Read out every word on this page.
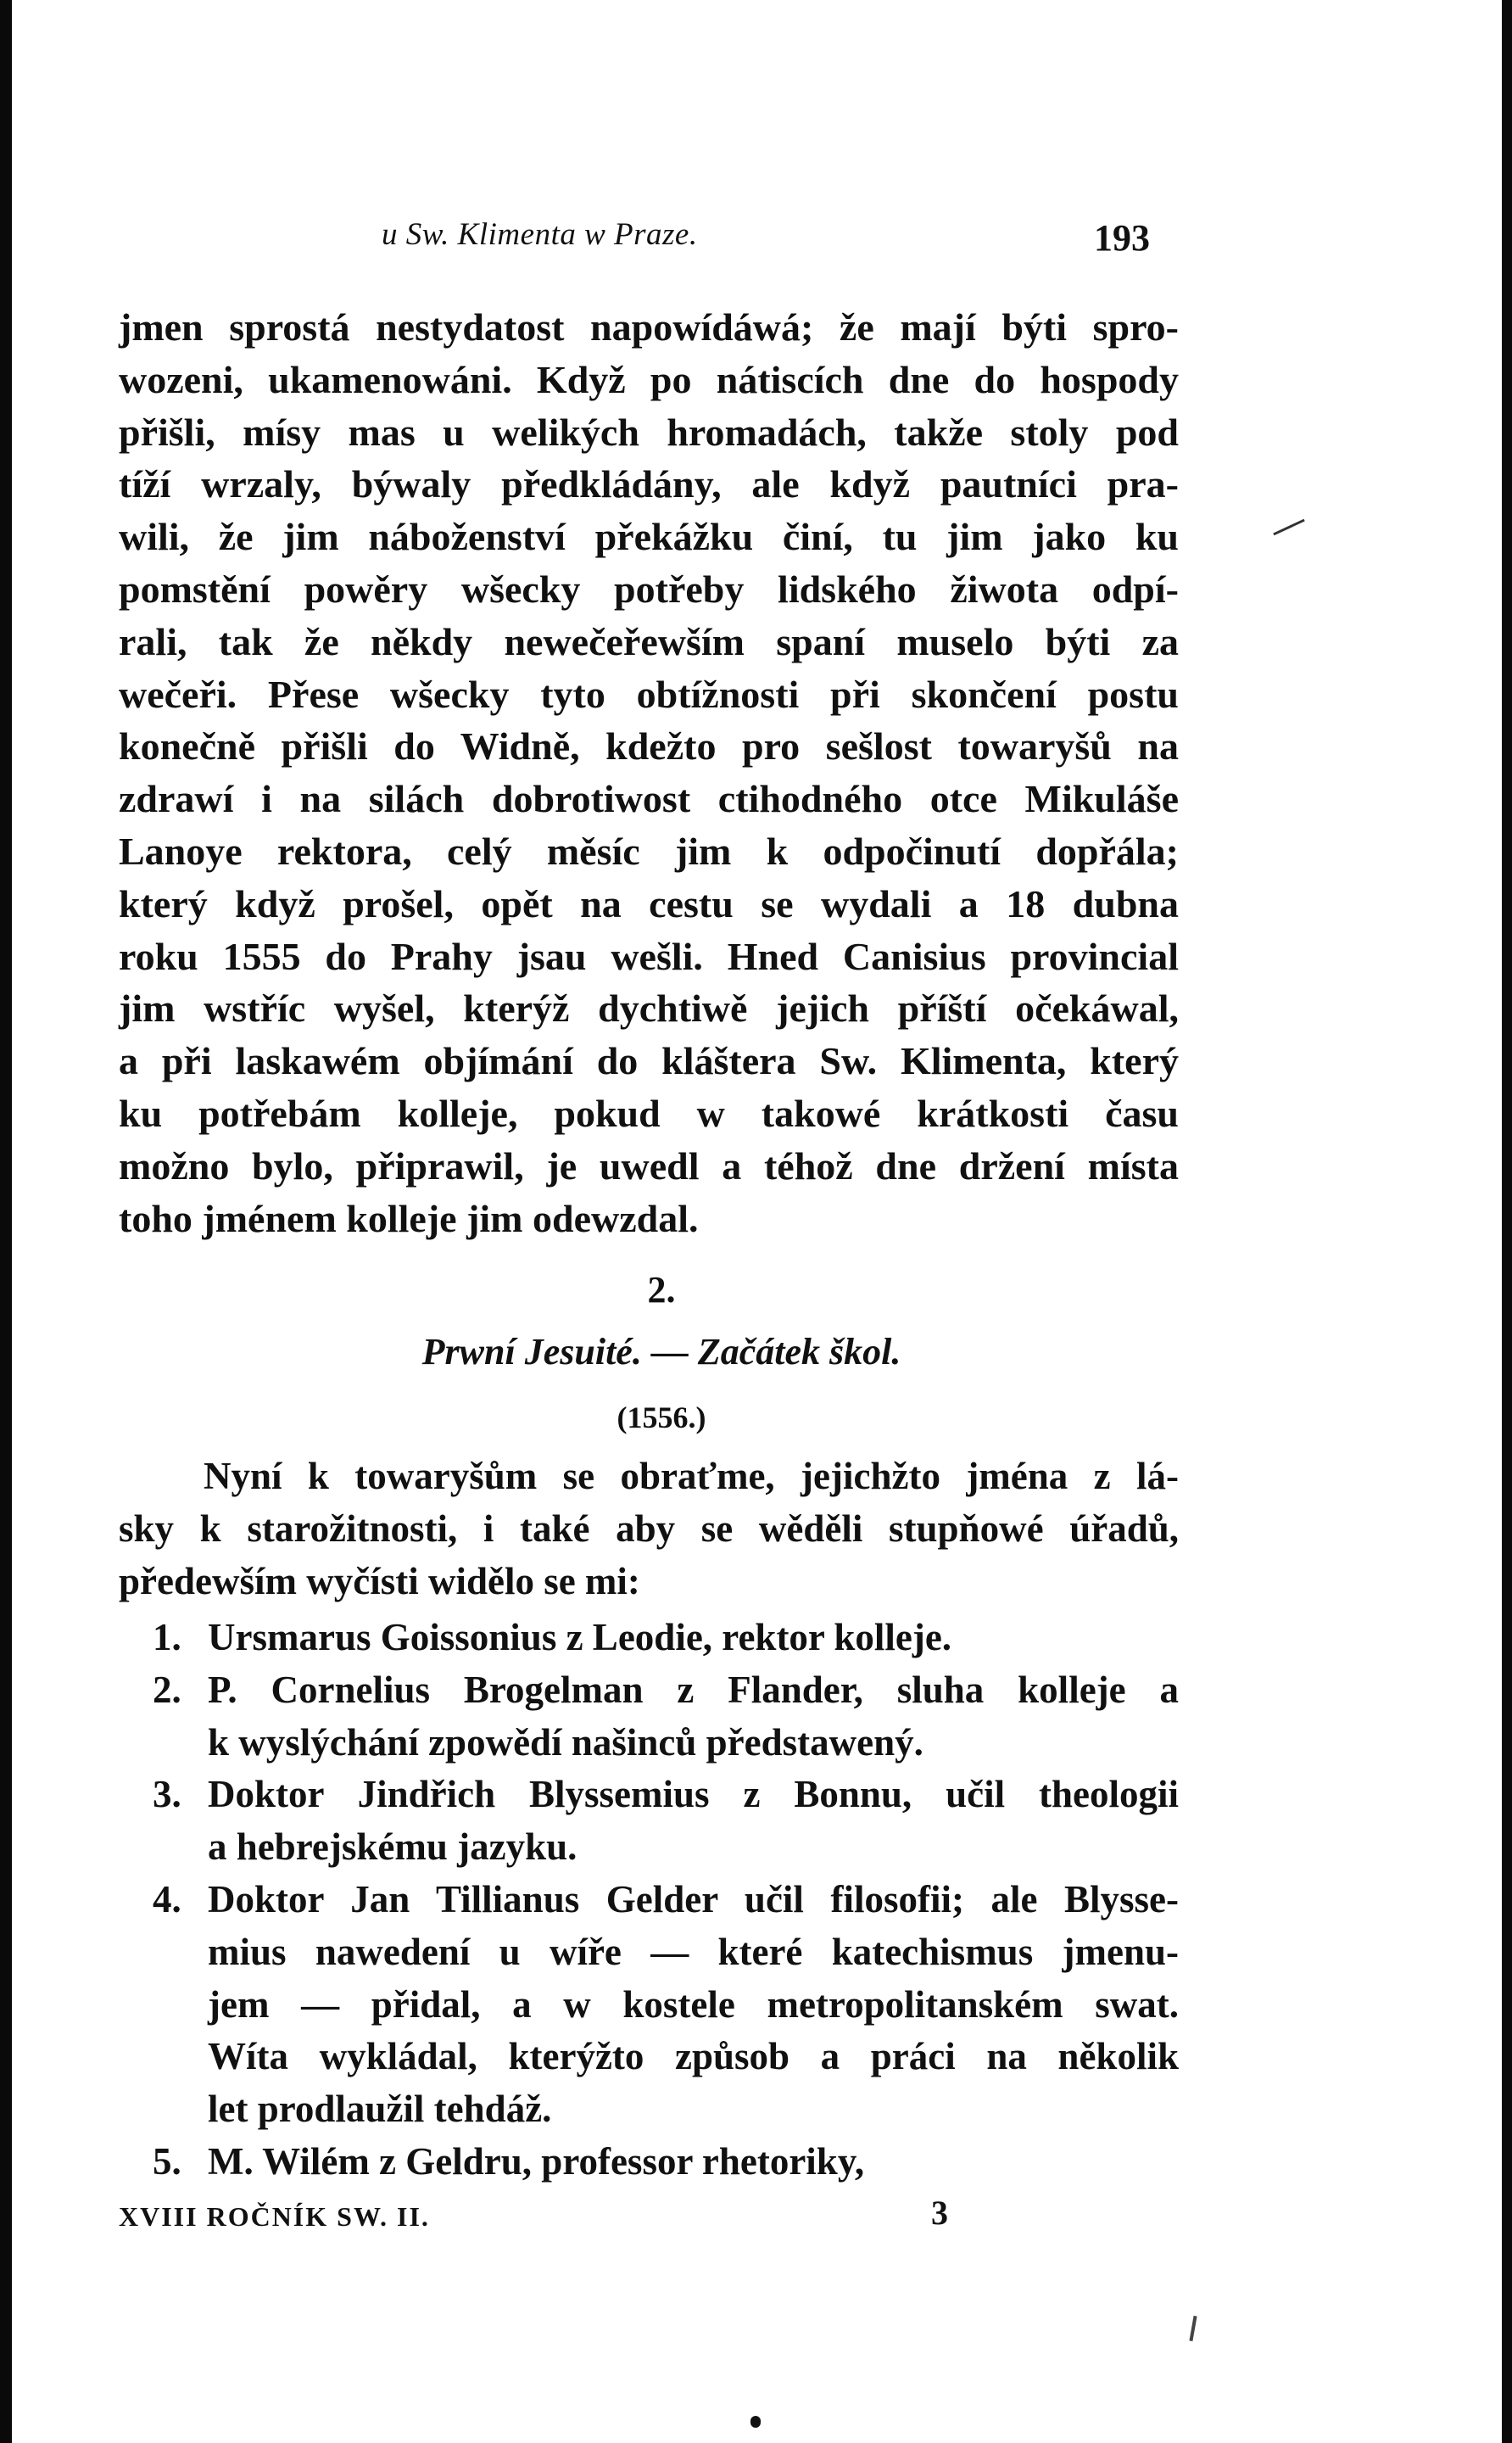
u Sw. Klimenta w Praze.	193
jmen sprostá nestydatost napowídáwá; že mají býti spro-
wozeni, ukamenowáni. Když po nátiscích dne do hospody
přišli, mísy mas u welikých hromadách, takže stoly pod
tíží wrzaly, býwaly předkládány, ale když pautníci pra-
wili, že jim náboženství překážku činí, tu jim jako ku
pomstění powěry wšecky potřeby lidského žiwota odpí-
rali, tak že někdy newečeřewším spaní muselo býti za
wečeři. Přese wšecky tyto obtížnosti při skončení postu
konečně přišli do Widně, kdežto pro sešlost towaryšů na
zdrawí i na silách dobrotiwost ctihodného otce Mikuláše
Lanoye rektora, celý měsíc jim k odpočinutí dopřála;
který když prošel, opět na cestu se wydali a 18 dubna
roku 1555 do Prahy jsau wešli. Hned Canisius provincial
jim wstříc wyšel, kterýž dychtiwě jejich příští očekáwal,
a při laskawém objímání do kláštera Sw. Klimenta, který
ku potřebám kolleje, pokud w takowé krátkosti času
možno bylo, připrawil, je uwedl a téhož dne držení místa
toho jménem kolleje jim odewzdal.
2.
Prwní Jesuité. — Začátek škol.
(1556.)
Nyní k towaryšům se obraťme, jejichžto jména z lá-
sky k starožitnosti, i také aby se wěděli stupňowé úřadů,
předewším wyčísti widělo se mi:
1. Ursmarus Goissonius z Leodie, rektor kolleje.
2. P. Cornelius Brogelman z Flander, sluha kolleje a
k wyslýchání zpowědí našinců předstawený.
3. Doktor Jindřich Blyssemius z Bonnu, učil theologii
a hebrejskému jazyku.
4. Doktor Jan Tillianus Gelder učil filosofii; ale Blysse-
mius nawedení u wíře — které katechismus jmenu-
jem — přidal, a w kostele metropolitanském swat.
Wíta wykládal, kterýžto způsob a práci na několik
let prodlaužil tehdáž.
5. M. Wilém z Geldru, professor rhetoriky,
XVIII ROČNÍK SW. II.	3
